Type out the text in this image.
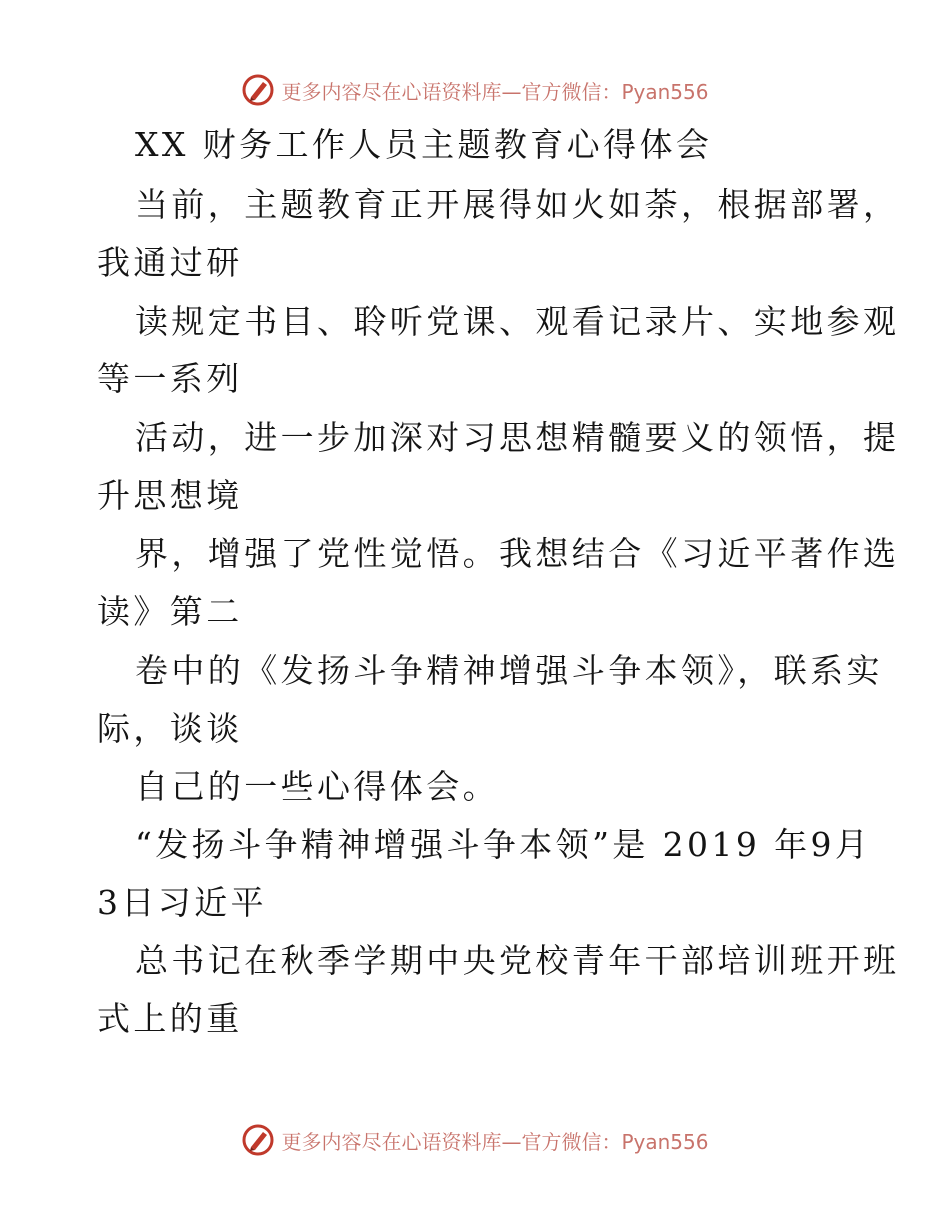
更多内容尽在心语资料库—官方微信：Pyan556
XX 财务工作人员主题教育心得体会
当前，主题教育正开展得如火如荼，根据部署，
我通过研
读规定书目、聆听党课、观看记录片、实地参观
等一系列
活动，进一步加深对习思想精髓要义的领悟，提
升思想境
界，增强了党性觉悟。我想结合《习近平著作选
读》第二
卷中的《发扬斗争精神增强斗争本领》，联系实
际，谈谈
自己的一些心得体会。
“发扬斗争精神增强斗争本领”是 2019 年9月
3日习近平
总书记在秋季学期中央党校青年干部培训班开班
式上的重
更多内容尽在心语资料库—官方微信：Pyan556
